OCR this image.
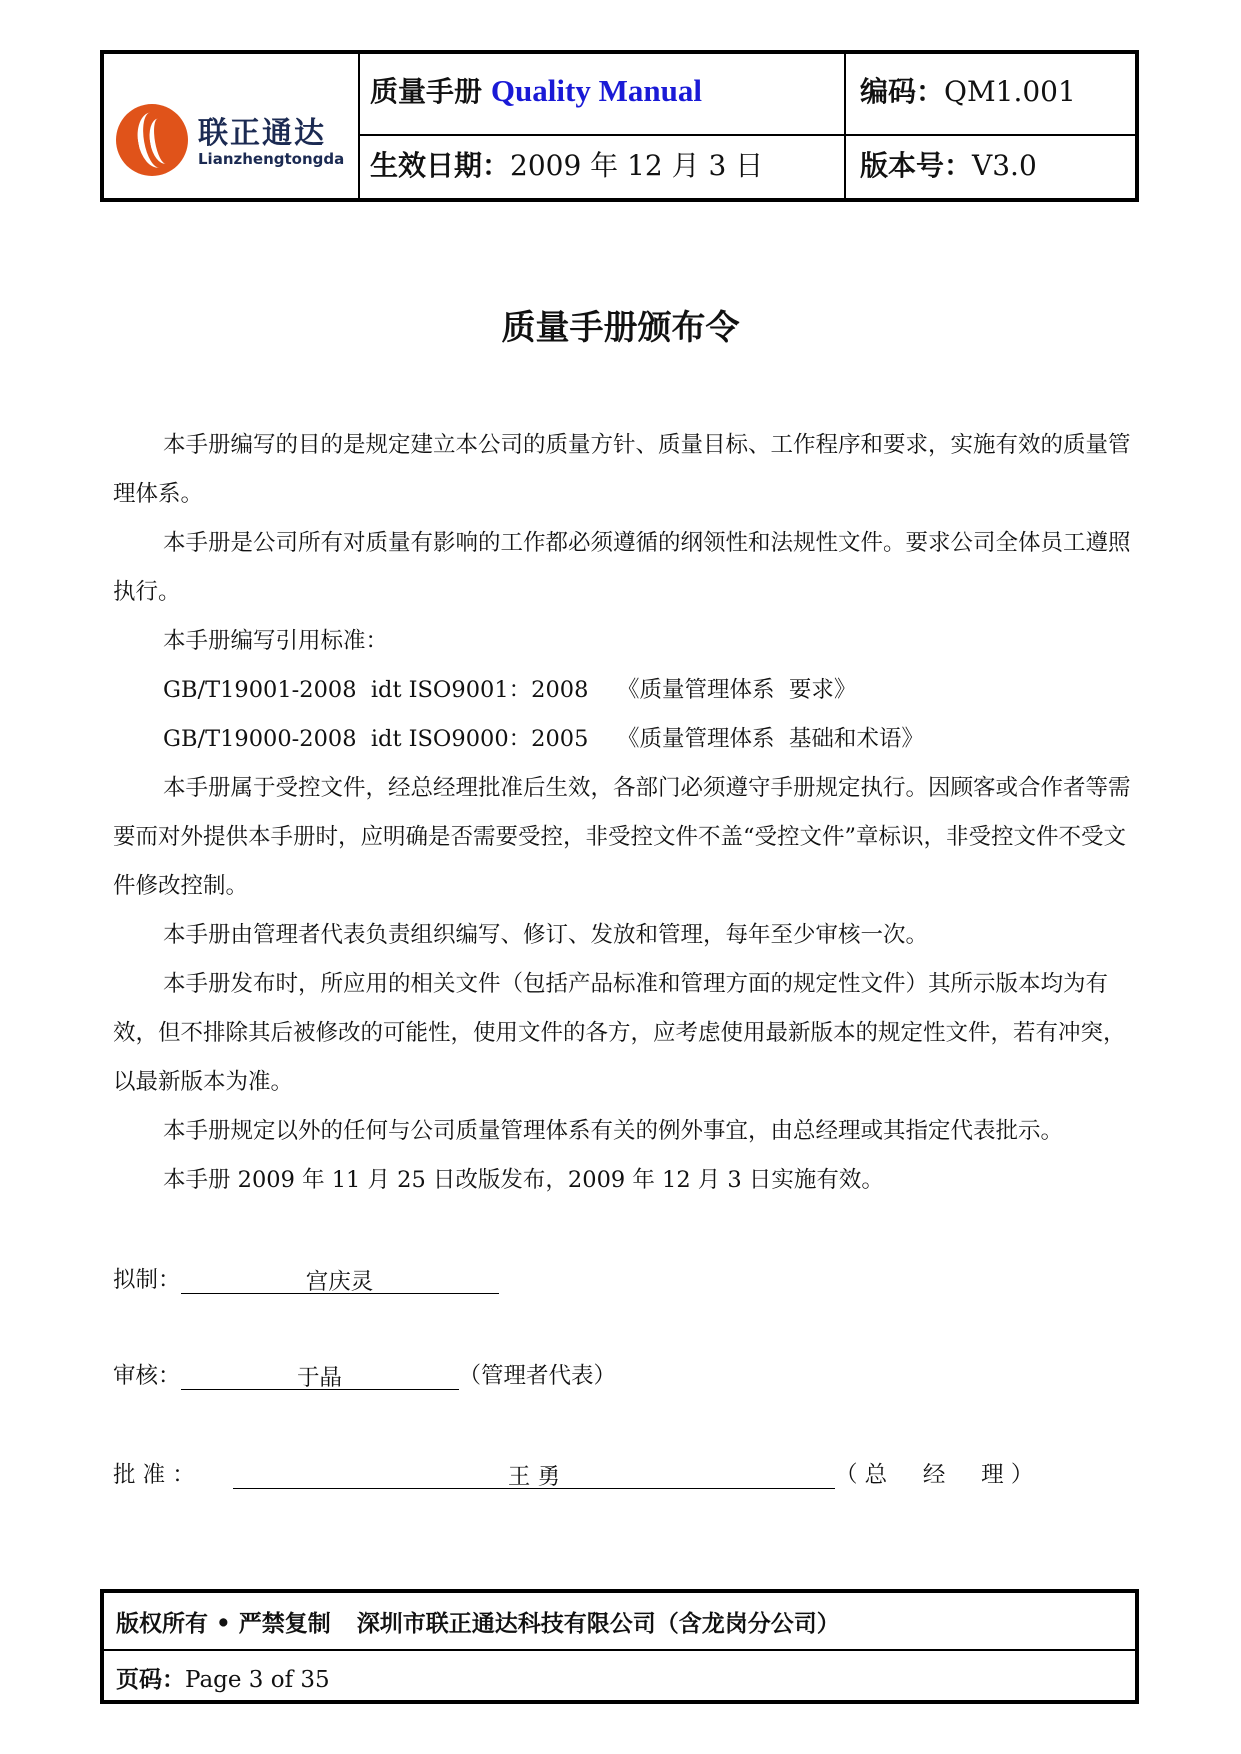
联正通达
Lianzhengtongda
质量手册 Quality Manual	编码：QM1.001
生效日期：2009 年 12 月 3 日	版本号：V3.0
质量手册颁布令

本手册编写的目的是规定建立本公司的质量方针、质量目标、工作程序和要求，实施有效的质量管理体系。

本手册是公司所有对质量有影响的工作都必须遵循的纲领性和法规性文件。要求公司全体员工遵照执行。

本手册编写引用标准：

GB/T19001-2008  idt ISO9001：2008    《质量管理体系  要求》

GB/T19000-2008  idt ISO9000：2005    《质量管理体系  基础和术语》

本手册属于受控文件，经总经理批准后生效，各部门必须遵守手册规定执行。因顾客或合作者等需要而对外提供本手册时，应明确是否需要受控，非受控文件不盖“受控文件”章标识，非受控文件不受文件修改控制。

本手册由管理者代表负责组织编写、修订、发放和管理，每年至少审核一次。

本手册发布时，所应用的相关文件（包括产品标准和管理方面的规定性文件）其所示版本均为有效，但不排除其后被修改的可能性，使用文件的各方，应考虑使用最新版本的规定性文件，若有冲突，以最新版本为准。

本手册规定以外的任何与公司质量管理体系有关的例外事宜，由总经理或其指定代表批示。

本手册 2009 年 11 月 25 日改版发布，2009 年 12 月 3 日实施有效。

拟制：	宫庆灵
审核：	于晶	（管理者代表）
批 准 ：	王 勇	（ 总     经     理 ）
版权所有 • 严禁复制 深圳市联正通达科技有限公司（含龙岗分公司）
页码：Page 3 of 35
